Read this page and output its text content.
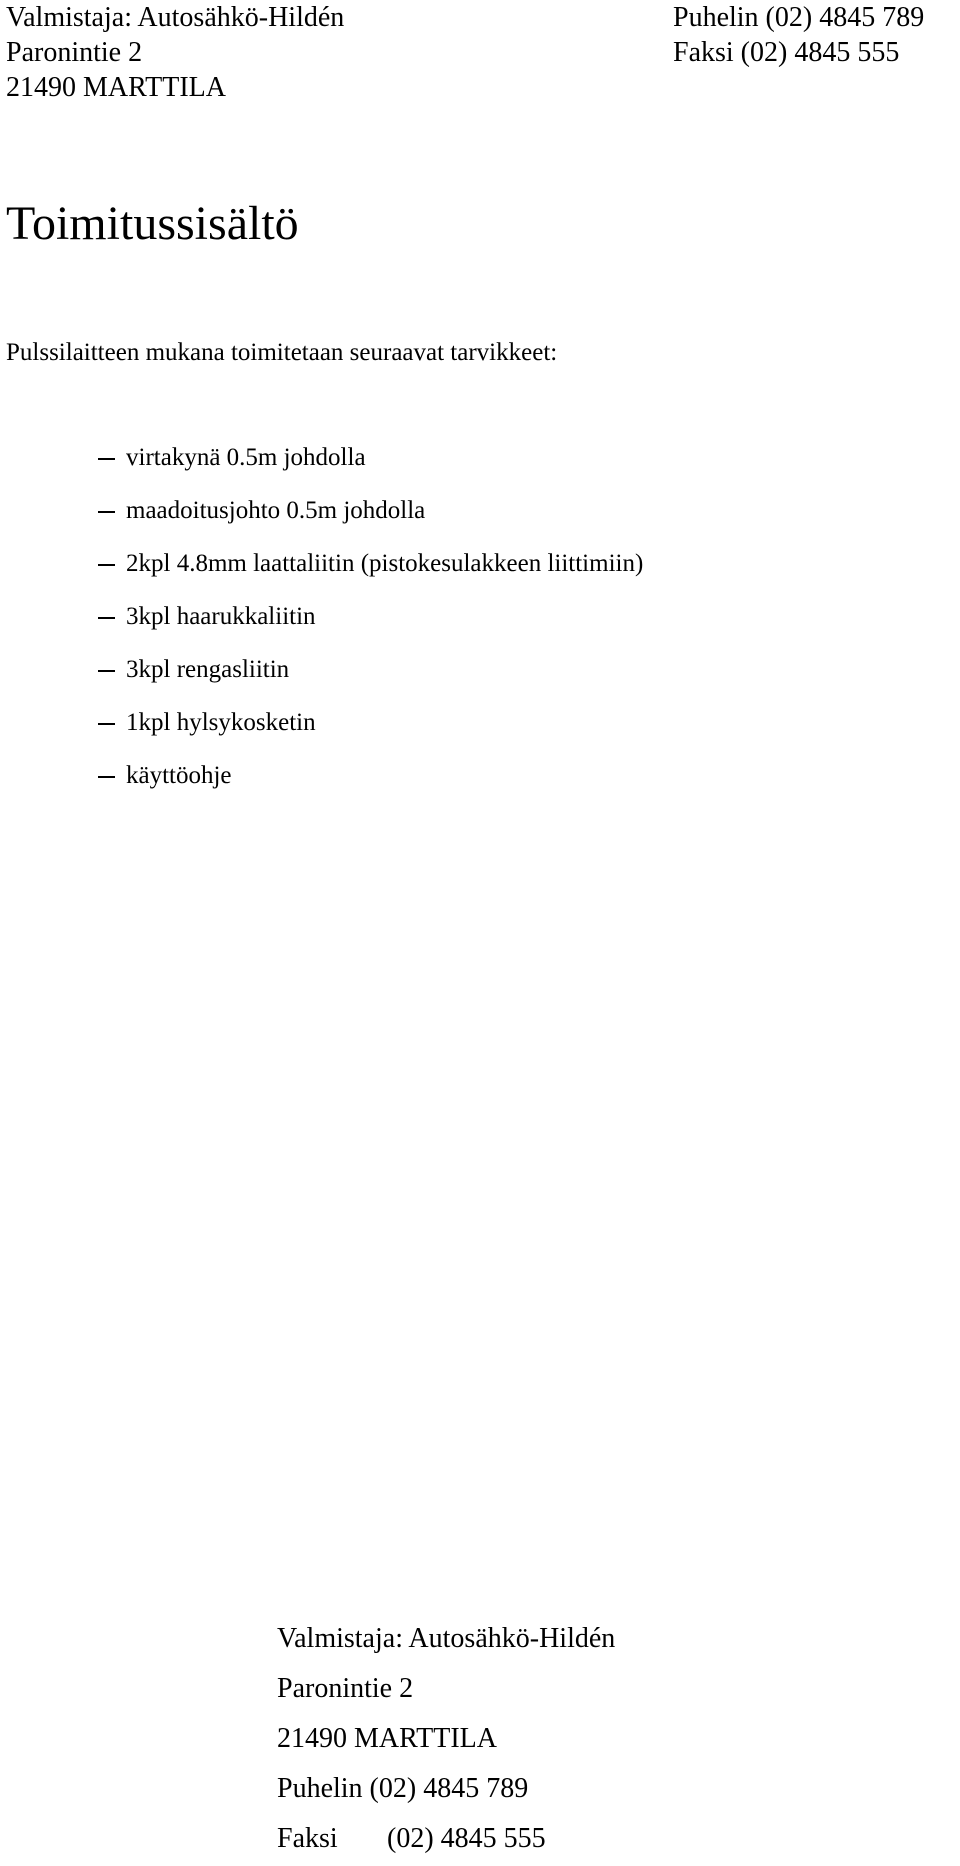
Valmistaja: Autosähkö-Hildén
Paronintie 2
21490 MARTTILA
Puhelin (02) 4845 789
Faksi (02) 4845 555
Toimitussisältö

Pulssilaitteen mukana toimitetaan seuraavat tarvikkeet:

virtakynä 0.5m johdolla
maadoitusjohto 0.5m johdolla
2kpl 4.8mm laattaliitin (pistokesulakkeen liittimiin)
3kpl haarukkaliitin
3kpl rengasliitin
1kpl hylsykosketin
käyttöohje
Valmistaja: Autosähkö-Hildén
Paronintie 2
21490 MARTTILA
Puhelin (02) 4845 789
Faksi (02) 4845 555
